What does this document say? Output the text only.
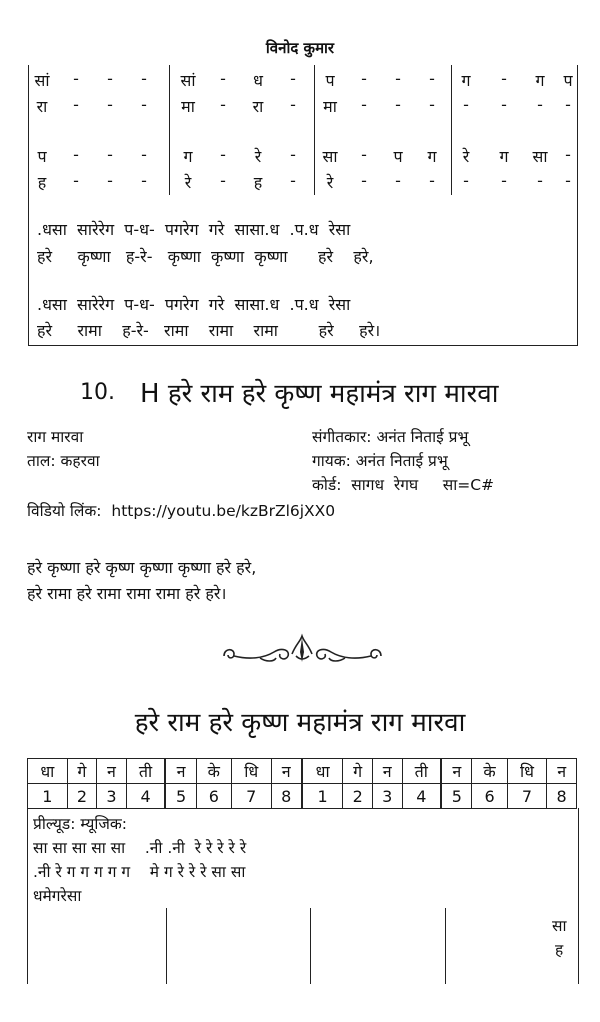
विनोद कुमार
सां	-	-	-	सां	-	ध	-	प	-	-	-	ग	-	ग प
रा	-	-	-	मा	-	रा	-	मा	-	-	-	-	-	-	-
प	-	-	-	ग	-	रे	-	सा	-	प ग	रे	ग सा	-
ह	-	-	-	रे	-	ह	-	रे	-	-	-	-	-	-	-
.धसा  सारेरेग  प-ध-  पगरेग  गरे  सासा.ध  .प.ध  रेसा
हरे     कृष्णा   ह-रे-   कृष्णा  कृष्णा  कृष्णा      हरे    हरे,
.धसा  सारेरेग  प-ध-  पगरेग  गरे  सासा.ध  .प.ध  रेसा
हरे     रामा    ह-रे-   रामा    रामा    रामा        हरे     हरे।
10. H हरे राम हरे कृष्ण महामंत्र राग मारवा
राग मारवा
ताल: कहरवा
संगीतकार: अनंत निताई प्रभू
गायक: अनंत निताई प्रभू
कोर्ड:  सागध  रेगघ     सा=C#
विडियो लिंक:  https://youtu.be/kzBrZl6jXX0
हरे कृष्णा हरे कृष्ण कृष्णा कृष्णा हरे हरे,
हरे रामा हरे रामा रामा रामा हरे हरे।
हरे राम हरे कृष्ण महामंत्र राग मारवा
धा	गे	न	ती	न	के	धि	न	धा	गे	न	ती	न	के	धि	न
1	2	3	4	5	6	7	8	1	2	3	4	5	6	7	8
प्रील्यूड: म्यूजिक:
सा सा सा सा सा    .नी .नी  रे रे रे रे रे
.नी रे ग ग ग ग ग    मे ग रे रे रे सा सा
धमेगरेसा
सा
ह
